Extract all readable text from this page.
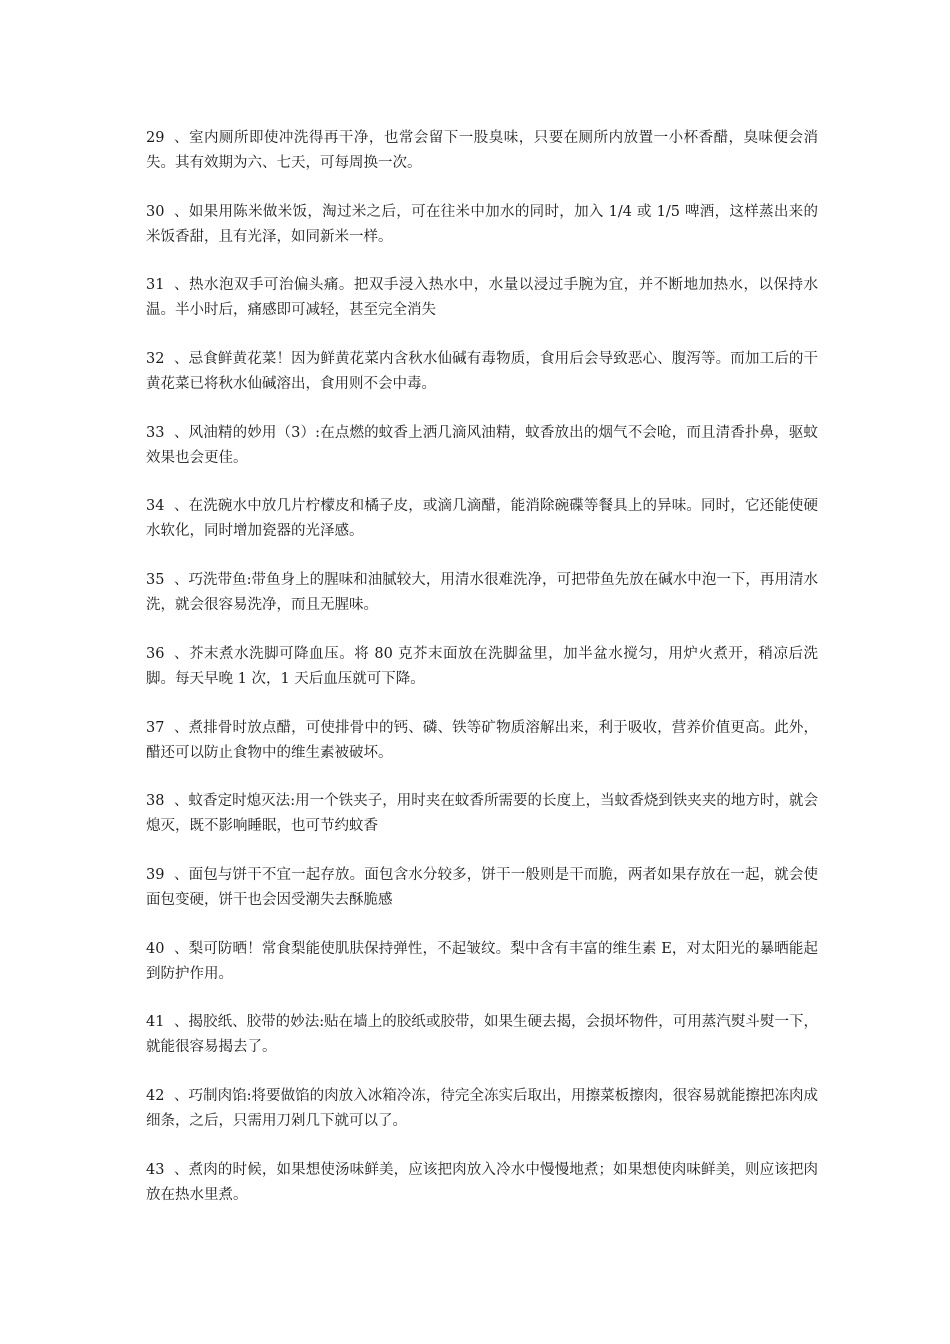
29 、室内厕所即使冲洗得再干净，也常会留下一股臭味，只要在厕所内放置一小杯香醋，臭味便会消失。其有效期为六、七天，可每周换一次。
30 、如果用陈米做米饭，淘过米之后，可在往米中加水的同时，加入 1/4 或 1/5 啤酒，这样蒸出来的米饭香甜，且有光泽，如同新米一样。
31 、热水泡双手可治偏头痛。把双手浸入热水中，水量以浸过手腕为宜，并不断地加热水，以保持水温。半小时后，痛感即可减轻，甚至完全消失
32 、忌食鲜黄花菜！因为鲜黄花菜内含秋水仙碱有毒物质，食用后会导致恶心、腹泻等。而加工后的干黄花菜已将秋水仙碱溶出，食用则不会中毒。
33 、风油精的妙用（3）:在点燃的蚊香上洒几滴风油精，蚊香放出的烟气不会呛，而且清香扑鼻，驱蚊效果也会更佳。
34 、在洗碗水中放几片柠檬皮和橘子皮，或滴几滴醋，能消除碗碟等餐具上的异味。同时，它还能使硬水软化，同时增加瓷器的光泽感。
35 、巧洗带鱼:带鱼身上的腥味和油腻较大，用清水很难洗净，可把带鱼先放在碱水中泡一下，再用清水洗，就会很容易洗净，而且无腥味。
36 、芥末煮水洗脚可降血压。将 80 克芥末面放在洗脚盆里，加半盆水搅匀，用炉火煮开，稍凉后洗脚。每天早晚 1 次，1 天后血压就可下降。
37 、煮排骨时放点醋，可使排骨中的钙、磷、铁等矿物质溶解出来，利于吸收，营养价值更高。此外，醋还可以防止食物中的维生素被破坏。
38 、蚊香定时熄灭法:用一个铁夹子，用时夹在蚊香所需要的长度上，当蚊香烧到铁夹夹的地方时，就会熄灭，既不影响睡眠，也可节约蚊香
39 、面包与饼干不宜一起存放。面包含水分较多，饼干一般则是干而脆，两者如果存放在一起，就会使面包变硬，饼干也会因受潮失去酥脆感
40 、梨可防晒！常食梨能使肌肤保持弹性，不起皱纹。梨中含有丰富的维生素 E，对太阳光的暴晒能起到防护作用。
41 、揭胶纸、胶带的妙法:贴在墙上的胶纸或胶带，如果生硬去揭，会损坏物件，可用蒸汽熨斗熨一下，就能很容易揭去了。
42 、巧制肉馅:将要做馅的肉放入冰箱冷冻，待完全冻实后取出，用擦菜板擦肉，很容易就能擦把冻肉成细条，之后，只需用刀剁几下就可以了。
43 、煮肉的时候，如果想使汤味鲜美，应该把肉放入冷水中慢慢地煮；如果想使肉味鲜美，则应该把肉放在热水里煮。
